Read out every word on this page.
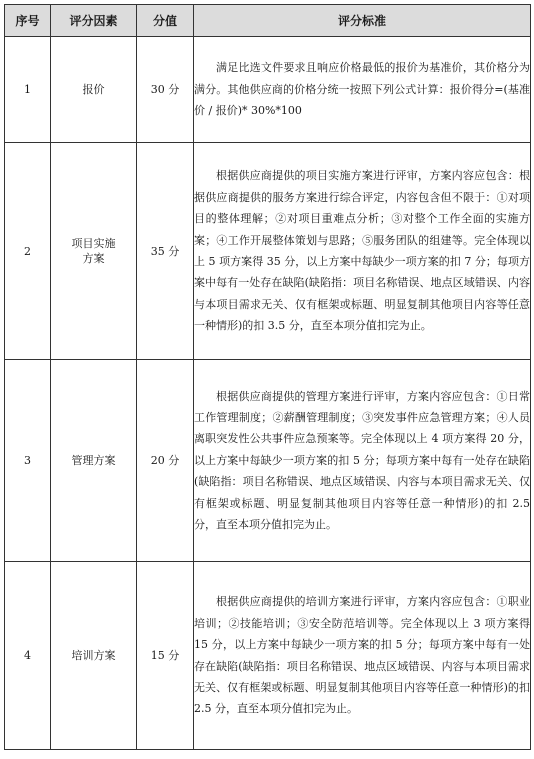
序号	评分因素	分值	评分标准
1	报价	30 分	满足比选文件要求且响应价格最低的报价为基准价，其价格分为满分。其他供应商的价格分统一按照下列公式计算：报价得分=(基准价 / 报价)* 30%*100

2	项目实施方案	35 分	根据供应商提供的项目实施方案进行评审，方案内容应包含：根据供应商提供的服务方案进行综合评定，内容包含但不限于：①对项目的整体理解；②对项目重难点分析；③对整个工作全面的实施方案；④工作开展整体策划与思路；⑤服务团队的组建等。完全体现以上 5 项方案得 35 分，以上方案中每缺少一项方案的扣 7 分；每项方案中每有一处存在缺陷(缺陷指：项目名称错误、地点区域错误、内容与本项目需求无关、仅有框架或标题、明显复制其他项目内容等任意一种情形)的扣 3.5 分，直至本项分值扣完为止。

3	管理方案	20 分	根据供应商提供的管理方案进行评审，方案内容应包含：①日常工作管理制度；②薪酬管理制度；③突发事件应急管理方案；④人员离职突发性公共事件应急预案等。完全体现以上 4 项方案得 20 分，以上方案中每缺少一项方案的扣 5 分；每项方案中每有一处存在缺陷(缺陷指：项目名称错误、地点区域错误、内容与本项目需求无关、仅有框架或标题、明显复制其他项目内容等任意一种情形)的扣 2.5 分，直至本项分值扣完为止。

4	培训方案	15 分	根据供应商提供的培训方案进行评审，方案内容应包含：①职业培训；②技能培训；③安全防范培训等。完全体现以上 3 项方案得 15 分，以上方案中每缺少一项方案的扣 5 分；每项方案中每有一处存在缺陷(缺陷指：项目名称错误、地点区域错误、内容与本项目需求无关、仅有框架或标题、明显复制其他项目内容等任意一种情形)的扣 2.5 分，直至本项分值扣完为止。
